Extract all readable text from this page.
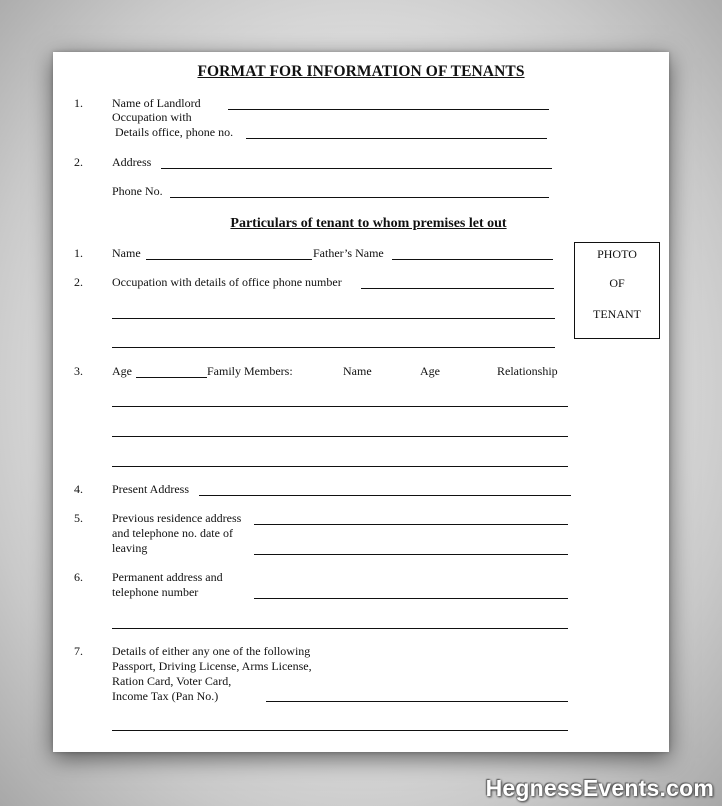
FORMAT FOR INFORMATION OF TENANTS
1. Name of Landlord
Occupation with
Details office, phone no.
2. Address
Phone No.
Particulars of tenant to whom premises let out
PHOTO
OF
TENANT
1. Name	Father’s Name
2. Occupation with details of office phone number
3. Age	Family Members:	Name	Age	Relationship
4. Present Address
5. Previous residence address
and telephone no. date of
leaving
6. Permanent address and
telephone number
7. Details of either any one of the following
Passport, Driving License, Arms License,
Ration Card, Voter Card,
Income Tax (Pan No.)
HegnessEvents.com
